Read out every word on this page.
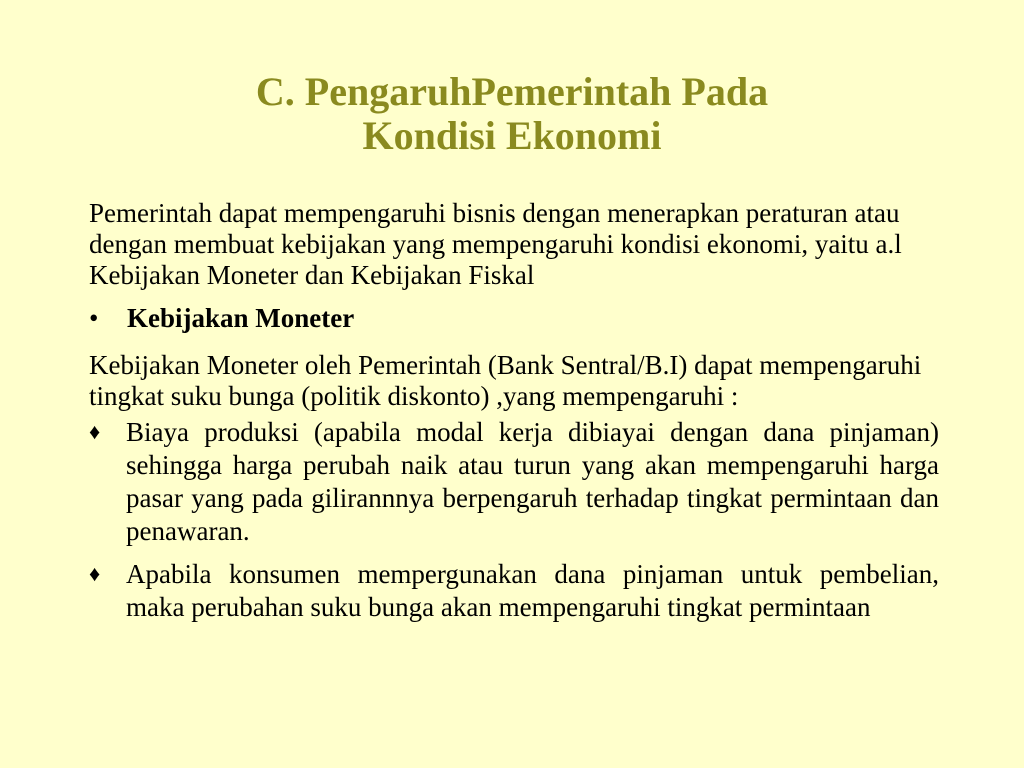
C. PengaruhPemerintah Pada
Kondisi Ekonomi

Pemerintah dapat mempengaruhi bisnis dengan menerapkan peraturan atau dengan membuat kebijakan yang mempengaruhi kondisi ekonomi, yaitu a.l Kebijakan Moneter dan Kebijakan Fiskal

•	Kebijakan Moneter

Kebijakan Moneter oleh Pemerintah (Bank Sentral/B.I) dapat mempengaruhi tingkat suku bunga (politik diskonto) ,yang mempengaruhi :

♦ Biaya produksi (apabila modal kerja dibiayai dengan dana pinjaman) sehingga harga perubah naik atau turun yang akan mempengaruhi harga pasar yang pada gilirannnya berpengaruh terhadap tingkat permintaan dan penawaran.
♦ Apabila konsumen mempergunakan dana pinjaman untuk pembelian, maka perubahan suku bunga akan mempengaruhi tingkat permintaan
